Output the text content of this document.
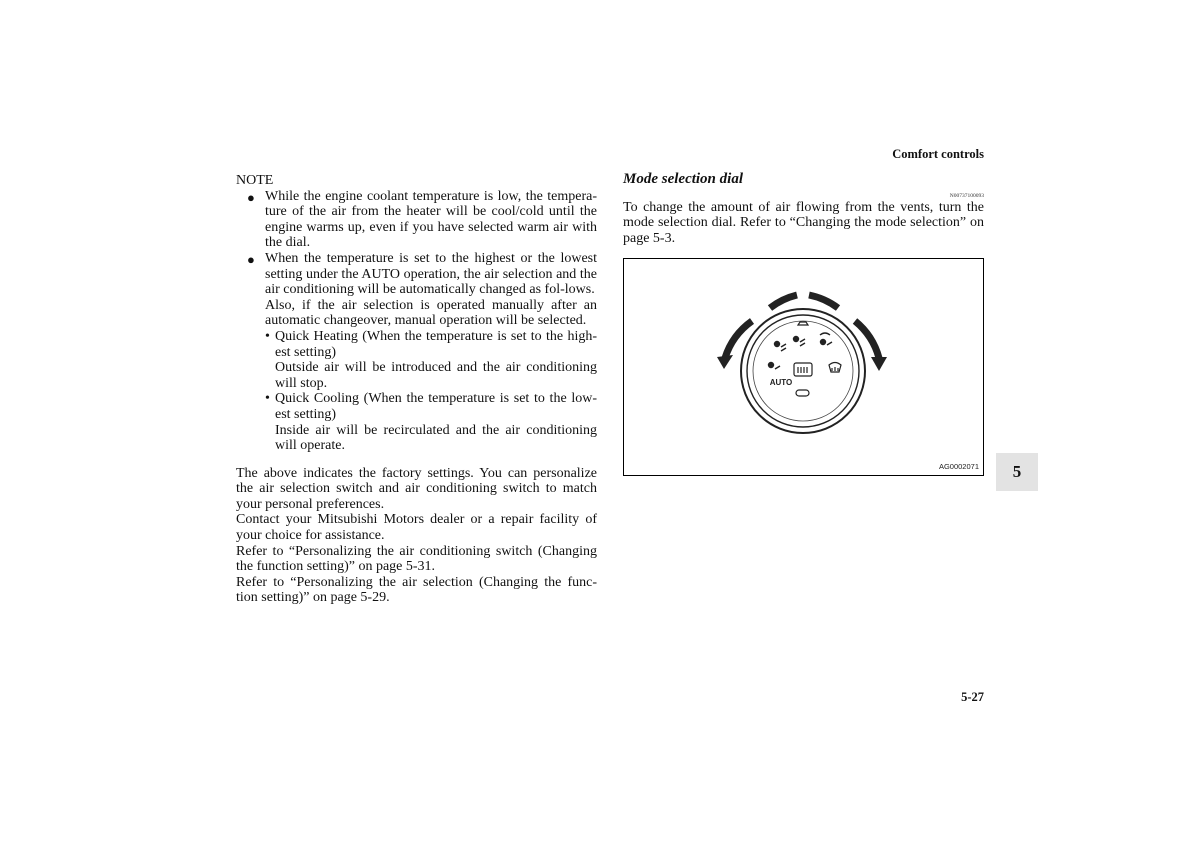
Comfort controls
NOTE
● While the engine coolant temperature is low, the tempera-ture of the air from the heater will be cool/cold until the engine warms up, even if you have selected warm air with the dial.

● When the temperature is set to the highest or the lowest setting under the AUTO operation, the air selection and the air conditioning will be automatically changed as fol-lows.

Also, if the air selection is operated manually after an automatic changeover, manual operation will be selected.

• Quick Heating (When the temperature is set to the high-est setting)

Outside air will be introduced and the air conditioning will stop.

• Quick Cooling (When the temperature is set to the low-est setting)

Inside air will be recirculated and the air conditioning will operate.

The above indicates the factory settings. You can personalize the air selection switch and air conditioning switch to match your personal preferences.

Contact your Mitsubishi Motors dealer or a repair facility of your choice for assistance.

Refer to “Personalizing the air conditioning switch (Changing the function setting)” on page 5-31.

Refer to “Personalizing the air selection (Changing the func-tion setting)” on page 5-29.

Mode selection dial

N00737100093

To change the amount of air flowing from the vents, turn the mode selection dial. Refer to “Changing the mode selection” on page 5-3.

AUTO
AG0002071	5
5-27
